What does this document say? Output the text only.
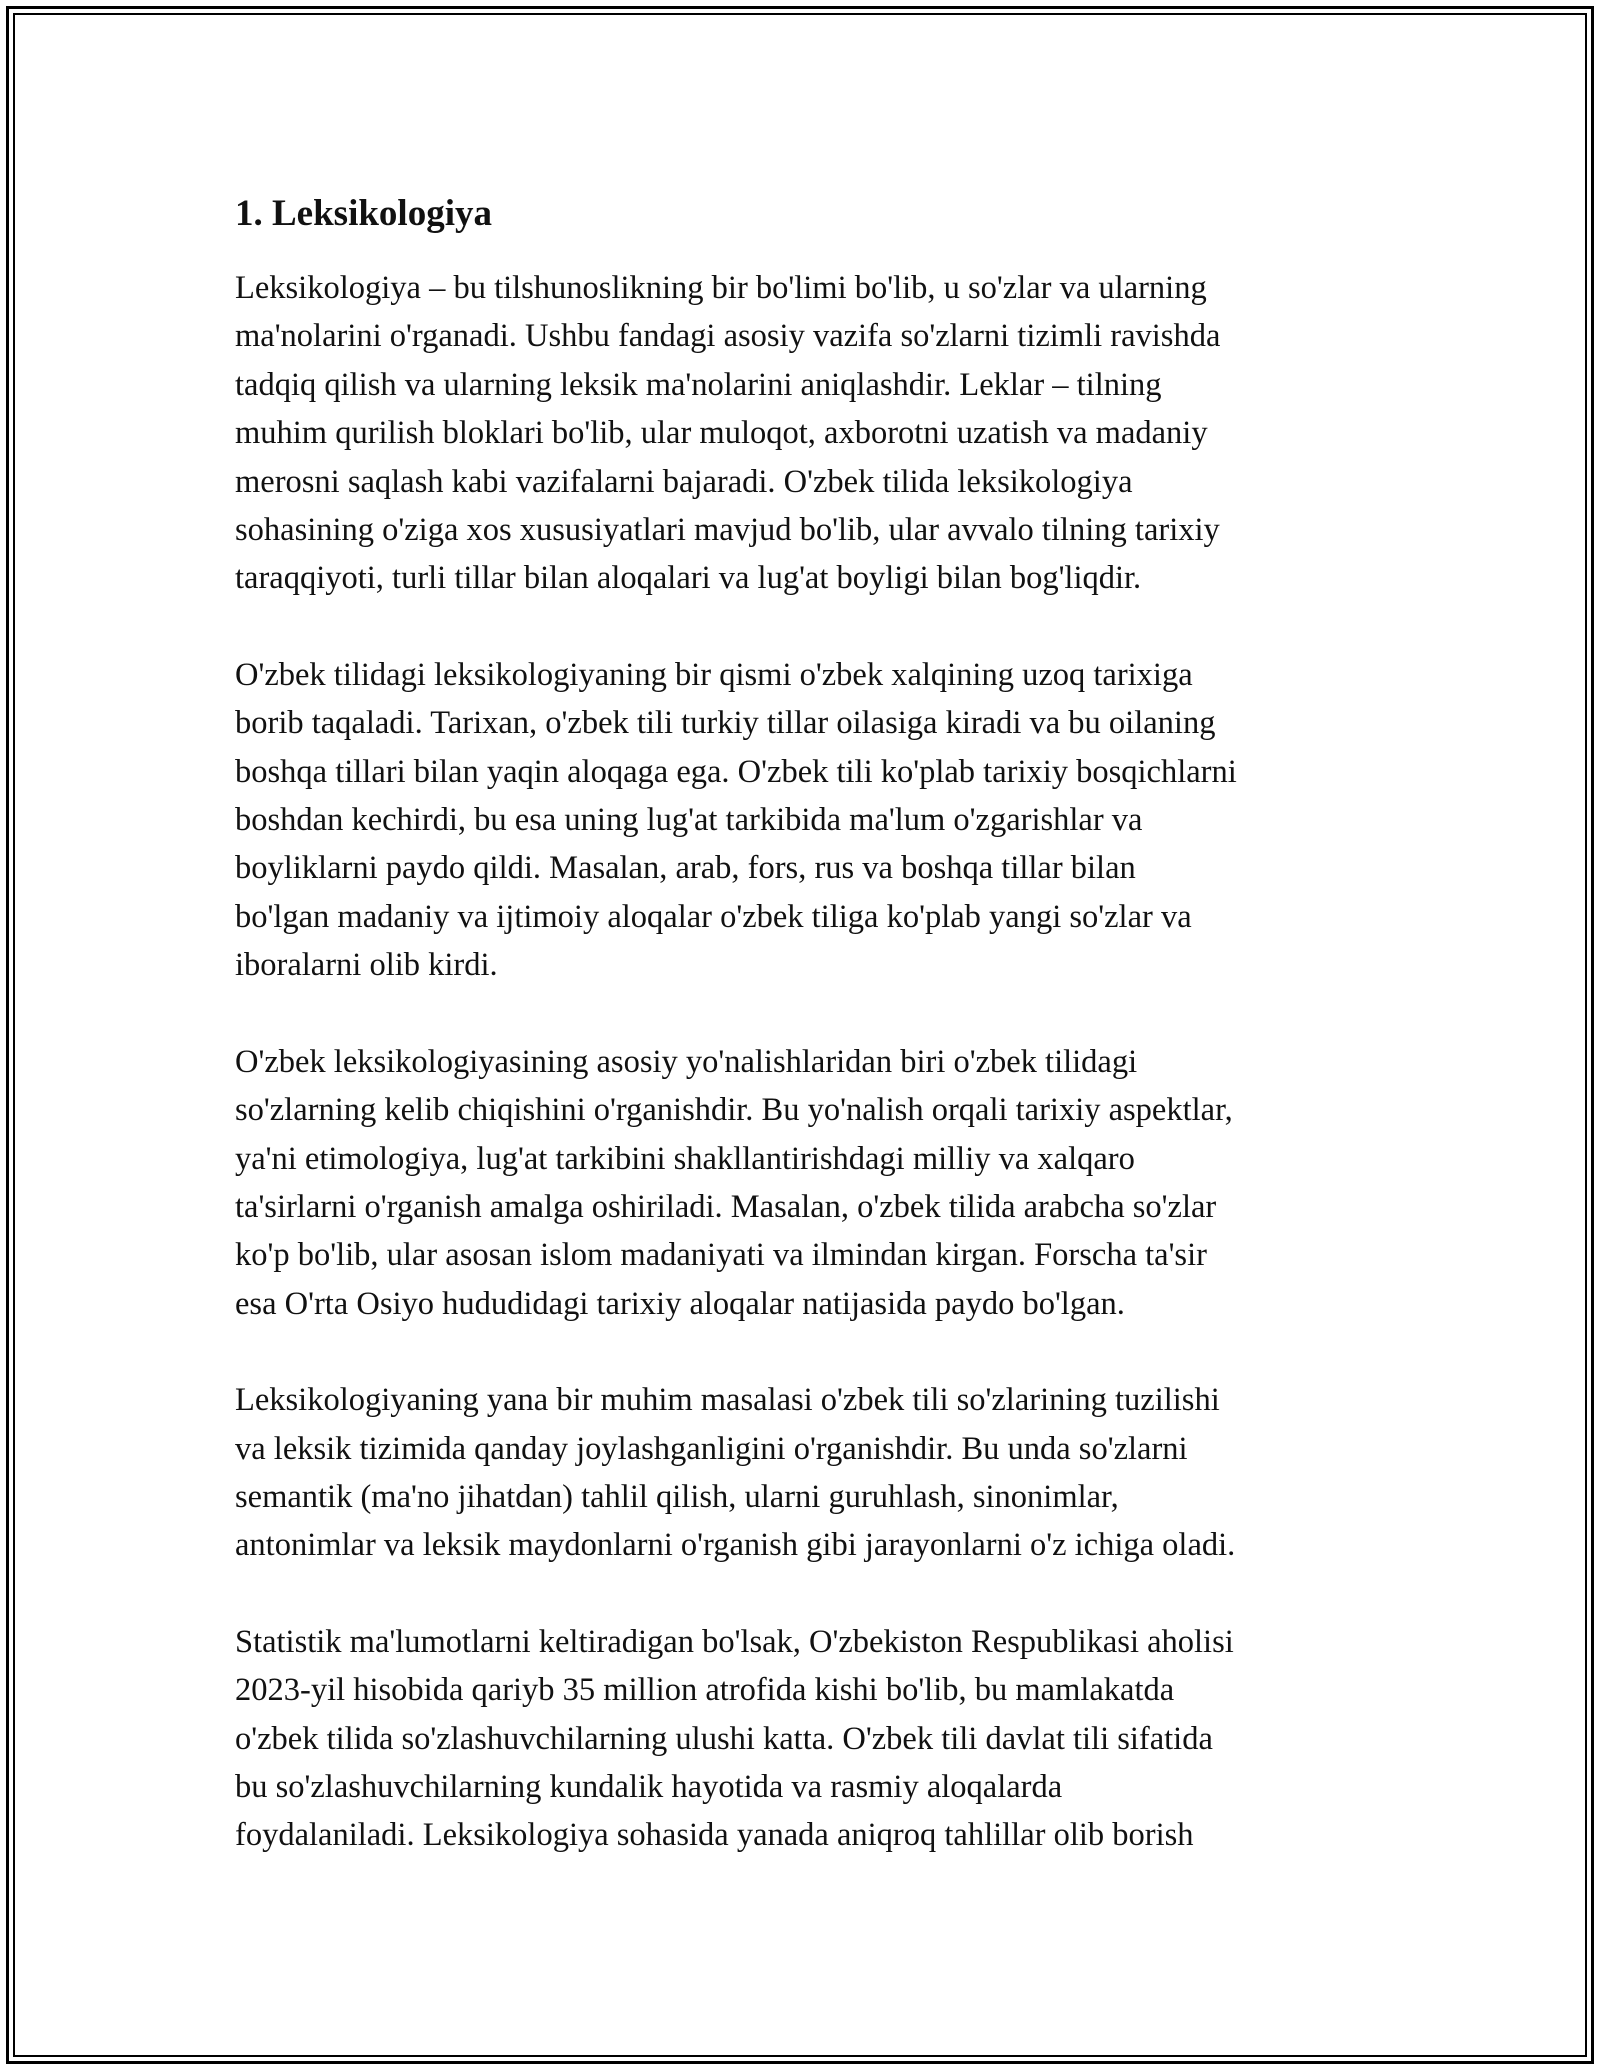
1. Leksikologiya

Leksikologiya – bu tilshunoslikning bir bo'limi bo'lib, u so'zlar va ularning
ma'nolarini o'rganadi. Ushbu fandagi asosiy vazifa so'zlarni tizimli ravishda
tadqiq qilish va ularning leksik ma'nolarini aniqlashdir. Leklar – tilning
muhim qurilish bloklari bo'lib, ular muloqot, axborotni uzatish va madaniy
merosni saqlash kabi vazifalarni bajaradi. O'zbek tilida leksikologiya
sohasining o'ziga xos xususiyatlari mavjud bo'lib, ular avvalo tilning tarixiy
taraqqiyoti, turli tillar bilan aloqalari va lug'at boyligi bilan bog'liqdir.

O'zbek tilidagi leksikologiyaning bir qismi o'zbek xalqining uzoq tarixiga
borib taqaladi. Tarixan, o'zbek tili turkiy tillar oilasiga kiradi va bu oilaning
boshqa tillari bilan yaqin aloqaga ega. O'zbek tili ko'plab tarixiy bosqichlarni
boshdan kechirdi, bu esa uning lug'at tarkibida ma'lum o'zgarishlar va
boyliklarni paydo qildi. Masalan, arab, fors, rus va boshqa tillar bilan
bo'lgan madaniy va ijtimoiy aloqalar o'zbek tiliga ko'plab yangi so'zlar va
iboralarni olib kirdi.

O'zbek leksikologiyasining asosiy yo'nalishlaridan biri o'zbek tilidagi
so'zlarning kelib chiqishini o'rganishdir. Bu yo'nalish orqali tarixiy aspektlar,
ya'ni etimologiya, lug'at tarkibini shakllantirishdagi milliy va xalqaro
ta'sirlarni o'rganish amalga oshiriladi. Masalan, o'zbek tilida arabcha so'zlar
ko'p bo'lib, ular asosan islom madaniyati va ilmindan kirgan. Forscha ta'sir
esa O'rta Osiyo hududidagi tarixiy aloqalar natijasida paydo bo'lgan.

Leksikologiyaning yana bir muhim masalasi o'zbek tili so'zlarining tuzilishi
va leksik tizimida qanday joylashganligini o'rganishdir. Bu unda so'zlarni
semantik (ma'no jihatdan) tahlil qilish, ularni guruhlash, sinonimlar,
antonimlar va leksik maydonlarni o'rganish gibi jarayonlarni o'z ichiga oladi.

Statistik ma'lumotlarni keltiradigan bo'lsak, O'zbekiston Respublikasi aholisi
2023-yil hisobida qariyb 35 million atrofida kishi bo'lib, bu mamlakatda
o'zbek tilida so'zlashuvchilarning ulushi katta. O'zbek tili davlat tili sifatida
bu so'zlashuvchilarning kundalik hayotida va rasmiy aloqalarda
foydalaniladi. Leksikologiya sohasida yanada aniqroq tahlillar olib borish
